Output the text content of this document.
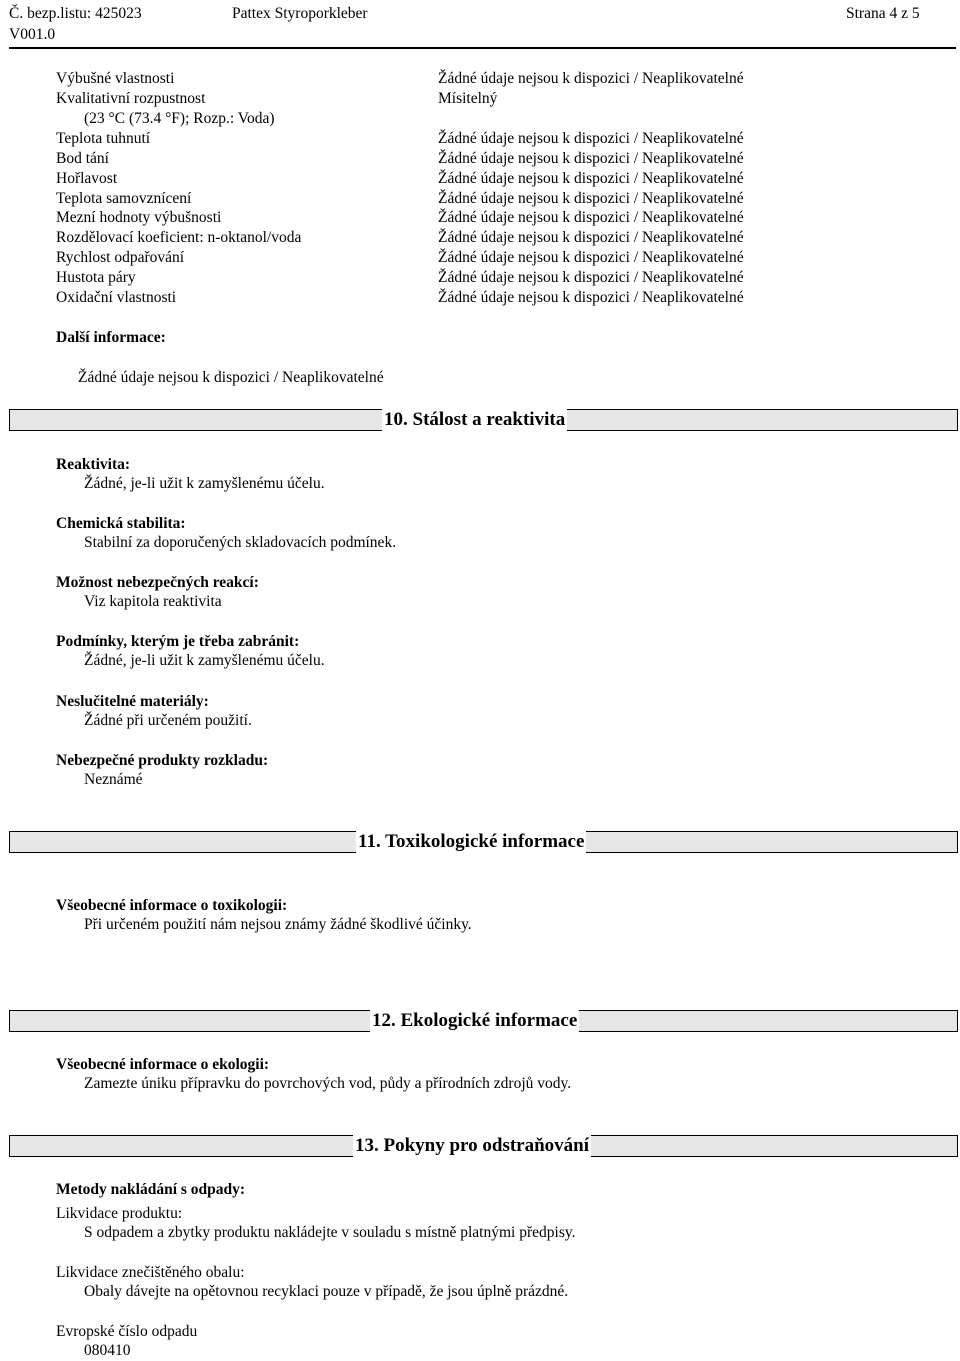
Č. bezp.listu: 425023	Pattex Styroporkleber	Strana 4 z 5
V001.0
Výbušné vlastnosti
Kvalitativní rozpustnost
(23 °C (73.4 °F); Rozp.: Voda)
Teplota tuhnutí
Bod tání
Hořlavost
Teplota samovznícení
Mezní hodnoty výbušnosti
Rozdělovací koeficient: n-oktanol/voda
Rychlost odpařování
Hustota páry
Oxidační vlastnosti
Žádné údaje nejsou k dispozici / Neaplikovatelné
Mísitelný
Žádné údaje nejsou k dispozici / Neaplikovatelné
Žádné údaje nejsou k dispozici / Neaplikovatelné
Žádné údaje nejsou k dispozici / Neaplikovatelné
Žádné údaje nejsou k dispozici / Neaplikovatelné
Žádné údaje nejsou k dispozici / Neaplikovatelné
Žádné údaje nejsou k dispozici / Neaplikovatelné
Žádné údaje nejsou k dispozici / Neaplikovatelné
Žádné údaje nejsou k dispozici / Neaplikovatelné
Žádné údaje nejsou k dispozici / Neaplikovatelné
Další informace:
Žádné údaje nejsou k dispozici / Neaplikovatelné
10. Stálost a reaktivita
Reaktivita:
Žádné, je-li užit k zamyšlenému účelu.
Chemická stabilita:
Stabilní za doporučených skladovacích podmínek.
Možnost nebezpečných reakcí:
Viz kapitola reaktivita
Podmínky, kterým je třeba zabránit:
Žádné, je-li užit k zamyšlenému účelu.
Neslučitelné materiály:
Žádné při určeném použití.
Nebezpečné produkty rozkladu:
Neznámé
11. Toxikologické informace
Všeobecné informace o toxikologii:
Při určeném použití nám nejsou známy žádné škodlivé účinky.
12. Ekologické informace
Všeobecné informace o ekologii:
Zamezte úniku přípravku do povrchových vod, půdy a přírodních zdrojů vody.
13. Pokyny pro odstraňování
Metody nakládání s odpady:
Likvidace produktu:
S odpadem a zbytky produktu nakládejte v souladu s místně platnými předpisy.
Likvidace znečištěného obalu:
Obaly dávejte na opětovnou recyklaci pouze v případě, že jsou úplně prázdné.
Evropské číslo odpadu
080410
